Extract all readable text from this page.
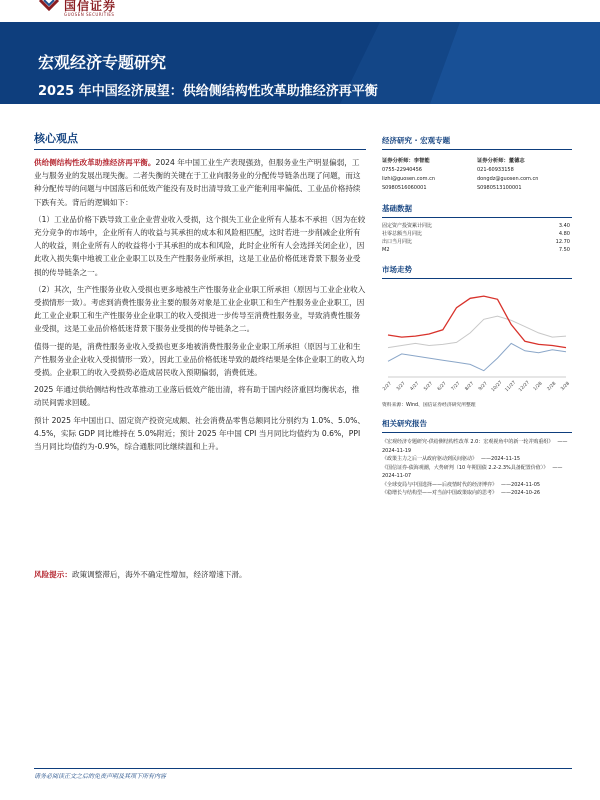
国信证券
GUOSEN SECURITIES
宏观经济专题研究
2025 年中国经济展望：供给侧结构性改革助推经济再平衡
核心观点

供给侧结构性改革助推经济再平衡。2024 年中国工业生产表现强劲，但服务业生产明显偏弱，工业与服务业的发展出现失衡。二者失衡的关键在于工业向服务业的分配传导链条出现了问题，而这种分配传导的问题与中国落后和低效产能没有及时出清导致工业产能利用率偏低、工业品价格持续下跌有关。背后的逻辑如下：

（1）工业品价格下跌导致工业企业营业收入受损，这个损失工业企业所有人基本不承担（因为在较充分竞争的市场中，企业所有人的收益与其承担的成本和风险相匹配，这时若进一步削减企业所有人的收益，则企业所有人的收益将小于其承担的成本和风险，此时企业所有人会选择关闭企业），因此收入损失集中地被工业企业职工以及生产性服务业所承担，这是工业品价格低迷背景下服务业受损的传导链条之一。

（2）其次，生产性服务业收入受损也更多地被生产性服务业企业职工所承担（原因与工业企业收入受损情形一致）。考虑到消费性服务业主要的服务对象是工业企业职工和生产性服务业企业职工，因此工业企业职工和生产性服务业企业职工的收入受损进一步传导至消费性服务业，导致消费性服务业受损，这是工业品价格低迷背景下服务业受损的传导链条之二。

值得一提的是，消费性服务业收入受损也更多地被消费性服务业企业职工所承担（原因与工业和生产性服务业企业收入受损情形一致），因此工业品价格低迷导致的最终结果是全体企业职工的收入均受损。企业职工的收入受损势必造成居民收入预期偏弱，消费低迷。

2025 年通过供给侧结构性改革推动工业落后低效产能出清，将有助于国内经济重回均衡状态，推动民间需求回暖。

预计 2025 年中国出口、固定资产投资完成额、社会消费品零售总额同比分别约为 1.0%、5.0%、4.5%，实际 GDP 同比维持在 5.0%附近；预计 2025 年中国 CPI 当月同比均值约为 0.6%，PPI 当月同比均值约为-0.9%，综合通胀同比继续温和上升。

风险提示：政策调整滞后，海外不确定性增加，经济增速下滑。
经济研究 · 宏观专题
证券分析师：李智能
0755-22940456
lizhi@guosen.com.cn
S0980516060001
证券分析师：董德志
021-60933158
dongdz@guosen.com.cn
S0980513100001
基础数据
固定资产投资累计同比	3.40
社零总额当月同比	4.80
出口当月同比	12.70
M2	7.50
市场走势
2/27 3/27 4/27 5/27 6/27 7/27 8/27 9/27 10/27 11/27 12/27 1/28 2/28 3/28
资料来源：Wind、国信证券经济研究所整理
相关研究报告
《宏观经济专题研究-供给侧结构性改革 2.0：宏观视角中的新一轮并购重组》 ——2024-11-19
《政策主力之后一从政府驱动到民间驱动》 ——2024-11-15
《国信证券-债海观潮，大势研判（10 年期国债 2.2-2.3%具备配置价值）》 ——2024-11-07
《全球变局与中国选择——后疫情时代的经济博弈》 ——2024-11-05
《稳增长与结构型——对当前中国政策取向的思考》 ——2024-10-26
请务必阅读正文之后的免责声明及其项下所有内容
